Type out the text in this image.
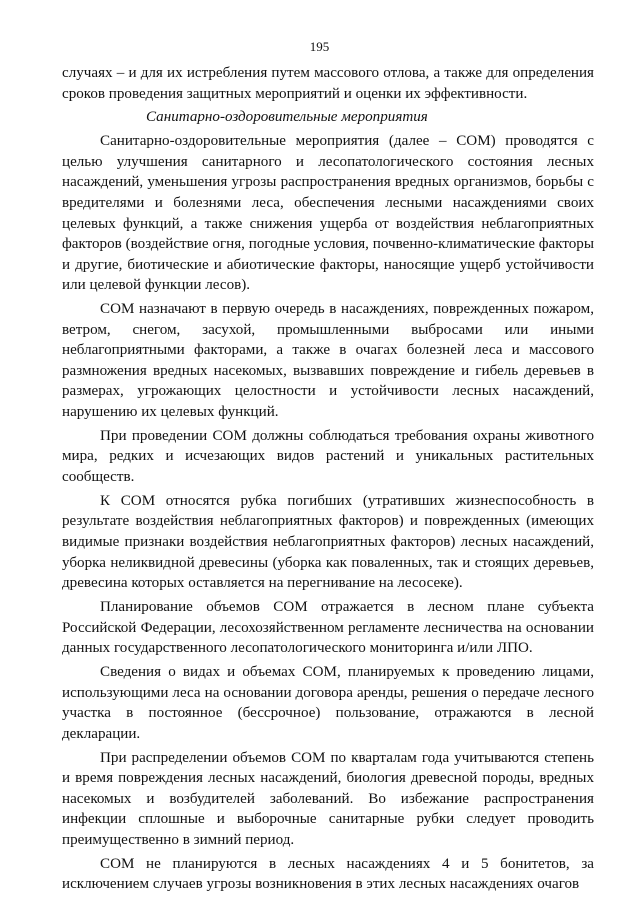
195

случаях – и для их истребления путем массового отлова, а также для определения сроков проведения защитных мероприятий и оценки их эффективности.

Санитарно-оздоровительные мероприятия

Санитарно-оздоровительные мероприятия (далее – СОМ) проводятся с целью улучшения санитарного и лесопатологического состояния лесных насаждений, уменьшения угрозы распространения вредных организмов, борьбы с вредителями и болезнями леса, обеспечения лесными насаждениями своих целевых функций, а также снижения ущерба от воздействия неблагоприятных факторов (воздействие огня, погодные условия, почвенно-климатические факторы и другие, биотические и абиотические факторы, наносящие ущерб устойчивости или целевой функции лесов).

СОМ назначают в первую очередь в насаждениях, поврежденных пожаром, ветром, снегом, засухой, промышленными выбросами или иными неблагоприятными факторами, а также в очагах болезней леса и массового размножения вредных насекомых, вызвавших повреждение и гибель деревьев в размерах, угрожающих целостности и устойчивости лесных насаждений, нарушению их целевых функций.

При проведении СОМ должны соблюдаться требования охраны животного мира, редких и исчезающих видов растений и уникальных растительных сообществ.

К СОМ относятся рубка погибших (утративших жизнеспособность в результате воздействия неблагоприятных факторов) и поврежденных (имеющих видимые признаки воздействия неблагоприятных факторов) лесных насаждений, уборка неликвидной древесины (уборка как поваленных, так и стоящих деревьев, древесина которых оставляется на перегнивание на лесосеке).

Планирование объемов СОМ отражается в лесном плане субъекта Российской Федерации, лесохозяйственном регламенте лесничества на основании данных государственного лесопатологического мониторинга и/или ЛПО.

Сведения о видах и объемах СОМ, планируемых к проведению лицами, использующими леса на основании договора аренды, решения о передаче лесного участка в постоянное (бессрочное) пользование, отражаются в лесной декларации.

При распределении объемов СОМ по кварталам года учитываются степень и время повреждения лесных насаждений, биология древесной породы, вредных насекомых и возбудителей заболеваний. Во избежание распространения инфекции сплошные и выборочные санитарные рубки следует проводить преимущественно в зимний период.

СОМ не планируются в лесных насаждениях 4 и 5 бонитетов, за исключением случаев угрозы возникновения в этих лесных насаждениях очагов
